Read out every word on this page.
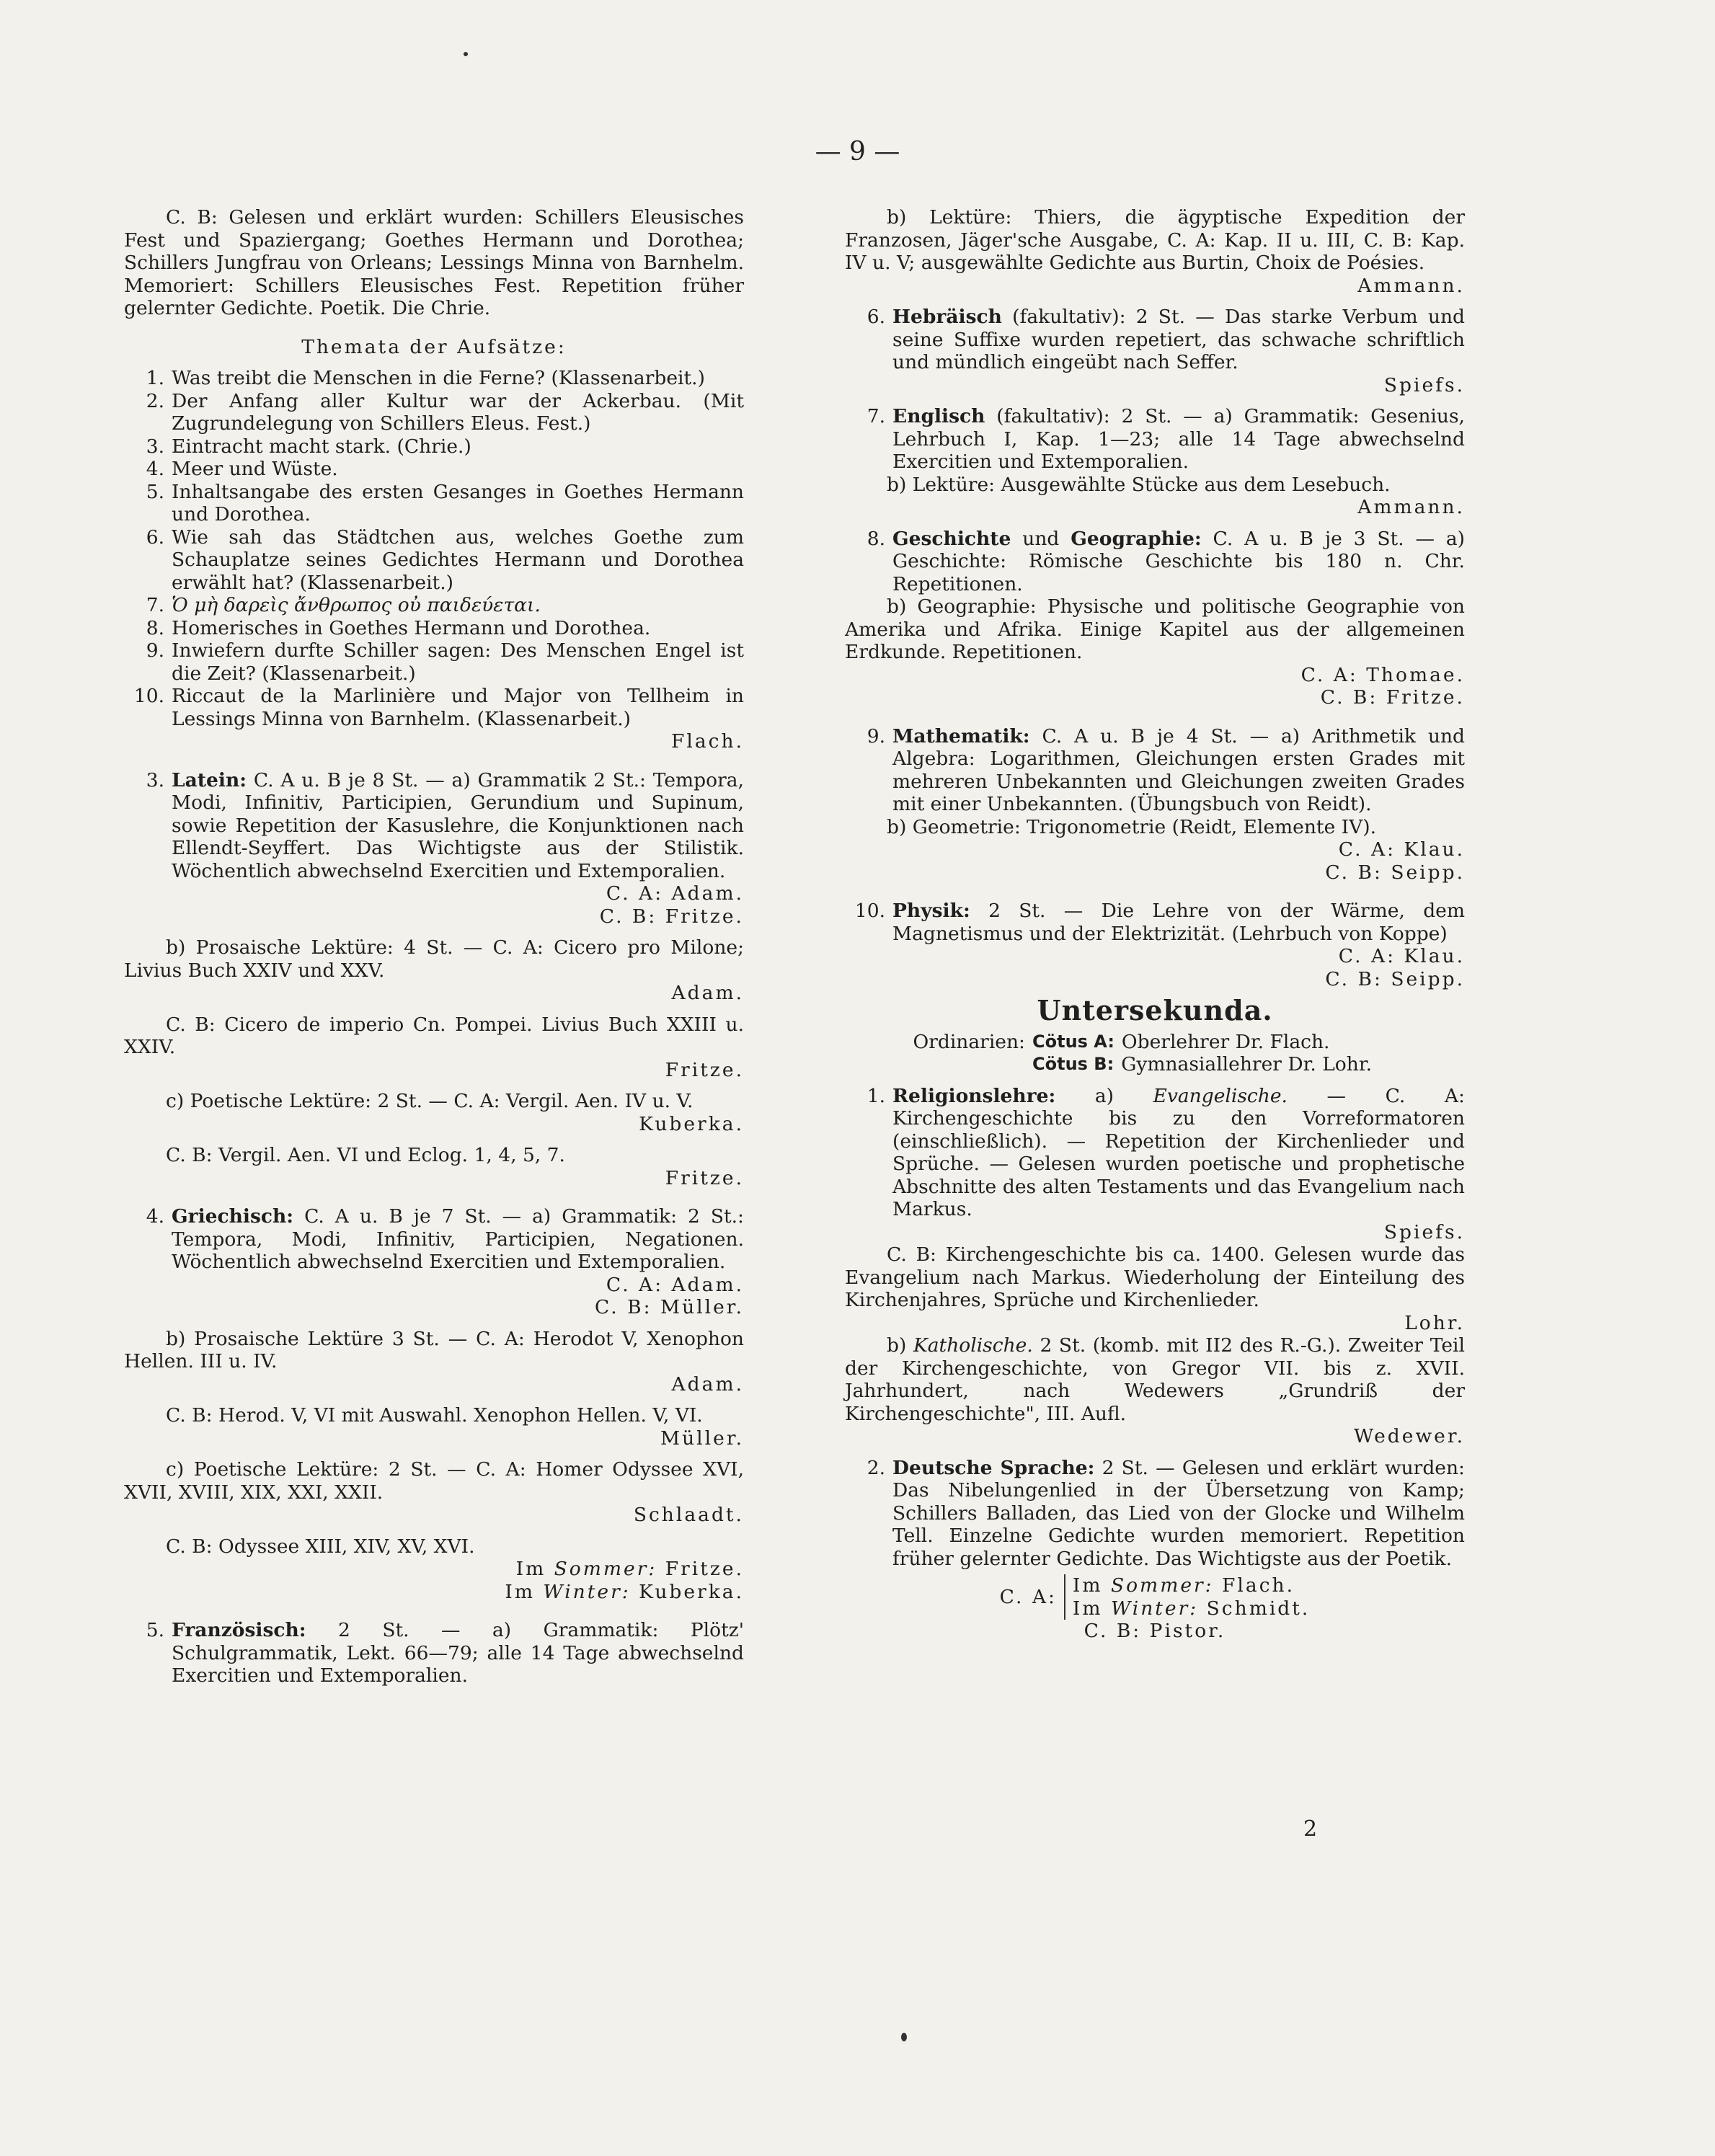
— 9 —

C. B: Gelesen und erklärt wurden: Schillers Eleusisches Fest und Spaziergang; Goethes Hermann und Dorothea; Schillers Jungfrau von Orleans; Lessings Minna von Barnhelm. Memoriert: Schillers Eleusisches Fest. Repetition früher gelernter Gedichte. Poetik. Die Chrie.

Themata der Aufsätze:

1. Was treibt die Menschen in die Ferne? (Klassenarbeit.)

2. Der Anfang aller Kultur war der Ackerbau. (Mit Zugrundelegung von Schillers Eleus. Fest.)

3. Eintracht macht stark. (Chrie.)

4. Meer und Wüste.

5. Inhaltsangabe des ersten Gesanges in Goethes Hermann und Dorothea.

6. Wie sah das Städtchen aus, welches Goethe zum Schauplatze seines Gedichtes Hermann und Dorothea erwählt hat? (Klassenarbeit.)

7. Ὁ μὴ δαρεὶς ἄνθρωπος οὐ παιδεύεται.

8. Homerisches in Goethes Hermann und Dorothea.

9. Inwiefern durfte Schiller sagen: Des Menschen Engel ist die Zeit? (Klassenarbeit.)

10. Riccaut de la Marlinière und Major von Tellheim in Lessings Minna von Barnhelm. (Klassenarbeit.)

Flach.

3. Latein: C. A u. B je 8 St. — a) Grammatik 2 St.: Tempora, Modi, Infinitiv, Participien, Gerundium und Supinum, sowie Repetition der Kasuslehre, die Konjunktionen nach Ellendt-Seyffert. Das Wichtigste aus der Stilistik. Wöchentlich abwechselnd Exercitien und Extemporalien.

C. A: Adam.

C. B: Fritze.

b) Prosaische Lektüre: 4 St. — C. A: Cicero pro Milone; Livius Buch XXIV und XXV.

Adam.

C. B: Cicero de imperio Cn. Pompei. Livius Buch XXIII u. XXIV.

Fritze.

c) Poetische Lektüre: 2 St. — C. A: Vergil. Aen. IV u. V.

Kuberka.

C. B: Vergil. Aen. VI und Eclog. 1, 4, 5, 7.

Fritze.

4. Griechisch: C. A u. B je 7 St. — a) Grammatik: 2 St.: Tempora, Modi, Infinitiv, Participien, Negationen. Wöchentlich abwechselnd Exercitien und Extemporalien.

C. A: Adam.

C. B: Müller.

b) Prosaische Lektüre 3 St. — C. A: Herodot V, Xenophon Hellen. III u. IV.

Adam.

C. B: Herod. V, VI mit Auswahl. Xenophon Hellen. V, VI.

Müller.

c) Poetische Lektüre: 2 St. — C. A: Homer Odyssee XVI, XVII, XVIII, XIX, XXI, XXII.

Schlaadt.

C. B: Odyssee XIII, XIV, XV, XVI.

Im Sommer: Fritze.

Im Winter: Kuberka.

5. Französisch: 2 St. — a) Grammatik: Plötz' Schulgrammatik, Lekt. 66—79; alle 14 Tage abwechselnd Exercitien und Extemporalien.

b) Lektüre: Thiers, die ägyptische Expedition der Franzosen, Jäger'sche Ausgabe, C. A: Kap. II u. III, C. B: Kap. IV u. V; ausgewählte Gedichte aus Burtin, Choix de Poésies.

Ammann.

6. Hebräisch (fakultativ): 2 St. — Das starke Verbum und seine Suffixe wurden repetiert, das schwache schriftlich und mündlich eingeübt nach Seffer.

Spiefs.

7. Englisch (fakultativ): 2 St. — a) Grammatik: Gesenius, Lehrbuch I, Kap. 1—23; alle 14 Tage abwechselnd Exercitien und Extemporalien.

b) Lektüre: Ausgewählte Stücke aus dem Lesebuch.

Ammann.

8. Geschichte und Geographie: C. A u. B je 3 St. — a) Geschichte: Römische Geschichte bis 180 n. Chr. Repetitionen.

b) Geographie: Physische und politische Geographie von Amerika und Afrika. Einige Kapitel aus der allgemeinen Erdkunde. Repetitionen.

C. A: Thomae.

C. B: Fritze.

9. Mathematik: C. A u. B je 4 St. — a) Arithmetik und Algebra: Logarithmen, Gleichungen ersten Grades mit mehreren Unbekannten und Gleichungen zweiten Grades mit einer Unbekannten. (Übungsbuch von Reidt).

b) Geometrie: Trigonometrie (Reidt, Elemente IV).

C. A: Klau.

C. B: Seipp.

10. Physik: 2 St. — Die Lehre von der Wärme, dem Magnetismus und der Elektrizität. (Lehrbuch von Koppe)

C. A: Klau.

C. B: Seipp.

Untersekunda.

Ordinarien: Cötus A: Oberlehrer Dr. Flach.
Cötus B: Gymnasiallehrer Dr. Lohr.

1. Religionslehre: a) Evangelische. — C. A: Kirchengeschichte bis zu den Vorreformatoren (einschließlich). — Repetition der Kirchenlieder und Sprüche. — Gelesen wurden poetische und prophetische Abschnitte des alten Testaments und das Evangelium nach Markus.

Spiefs.

C. B: Kirchengeschichte bis ca. 1400. Gelesen wurde das Evangelium nach Markus. Wiederholung der Einteilung des Kirchenjahres, Sprüche und Kirchenlieder.

Lohr.

b) Katholische. 2 St. (komb. mit II2 des R.-G.). Zweiter Teil der Kirchengeschichte, von Gregor VII. bis z. XVII. Jahrhundert, nach Wedewers „Grundriß der Kirchengeschichte", III. Aufl.

Wedewer.

2. Deutsche Sprache: 2 St. — Gelesen und erklärt wurden: Das Nibelungenlied in der Übersetzung von Kamp; Schillers Balladen, das Lied von der Glocke und Wilhelm Tell. Einzelne Gedichte wurden memoriert. Repetition früher gelernter Gedichte. Das Wichtigste aus der Poetik.

C. A:
Im Sommer: Flach.
Im Winter: Schmidt.

C. B: Pistor.

2
